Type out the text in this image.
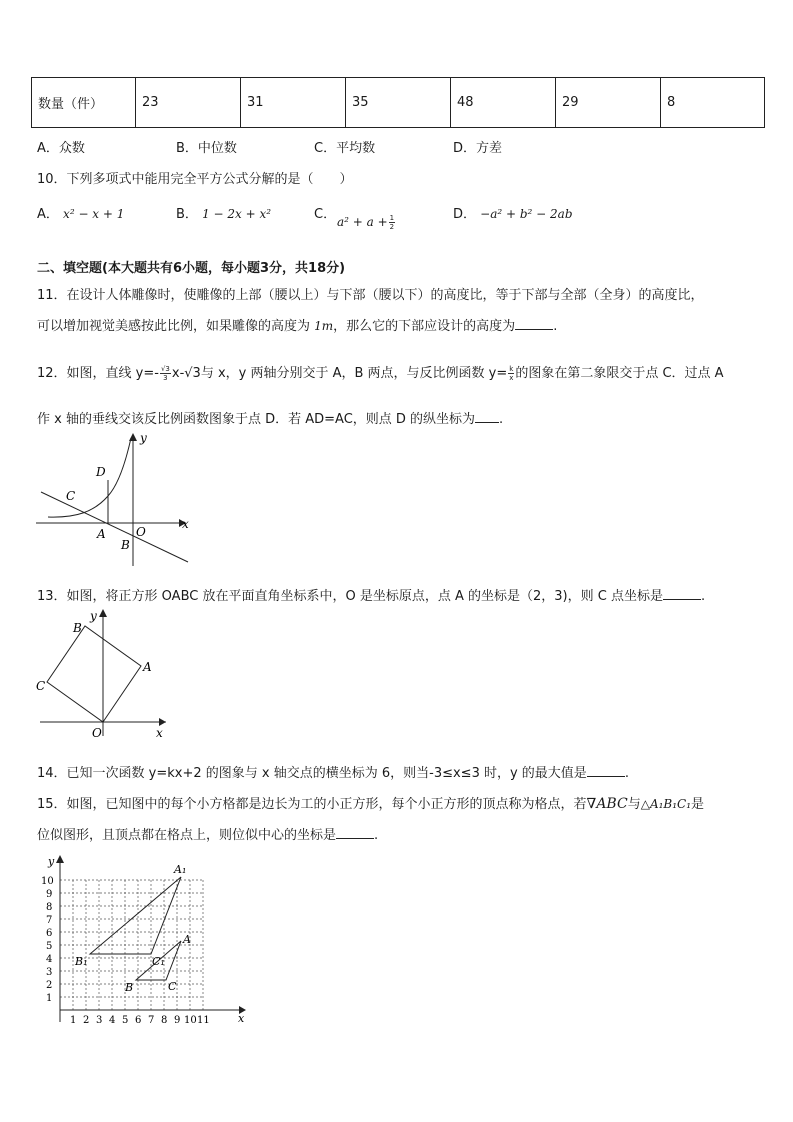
数量（件）	23	31	35	48	29	8
A．众数	B．中位数	C．平均数	D．方差
10．下列多项式中能用完全平方公式分解的是（　　）
A． x² − x + 1	B． 1 − 2x + x²	C． $a^2 + a + \frac{1}{2}$	D． −a² + b² − 2ab
二、填空题(本大题共有6小题，每小题3分，共18分)
11．在设计人体雕像时，使雕像的上部（腰以上）与下部（腰以下）的高度比，等于下部与全部（全身）的高度比，
可以增加视觉美感按此比例，如果雕像的高度为 1m，那么它的下部应设计的高度为	.
12．如图，直线 $y=- \frac{√3}{3} x-√3$与 x，y 两轴分别交于 A，B 两点，与反比例函数 $y= \frac{k}{x}$ 的图象在第二象限交于点 C．过点 A
作 x 轴的垂线交该反比例函数图象于点 D．若 AD=AC，则点 D 的纵坐标为 .
y
x
D
C
A	O
B
13．如图，将正方形 OABC 放在平面直角坐标系中，O 是坐标原点，点 A 的坐标是（2，3)，则 C 点坐标是	.
y
B
A
C
O	x
14．已知一次函数 y=kx+2 的图象与 x 轴交点的横坐标为 6，则当-3≤x≤3 时，y 的最大值是	.
15．如图，已知图中的每个小方格都是边长为工的小正方形，每个小正方形的顶点称为格点，若∇ABC与△A₁B₁C₁是
位似图形，且顶点都在格点上，则位似中心的坐标是	.
y
x
10
9
8
7
6
5
4
3
2
1
1 2 3 4 5 6 7 8 9 10 11
A₁
B₁	C₁
A
B	C
